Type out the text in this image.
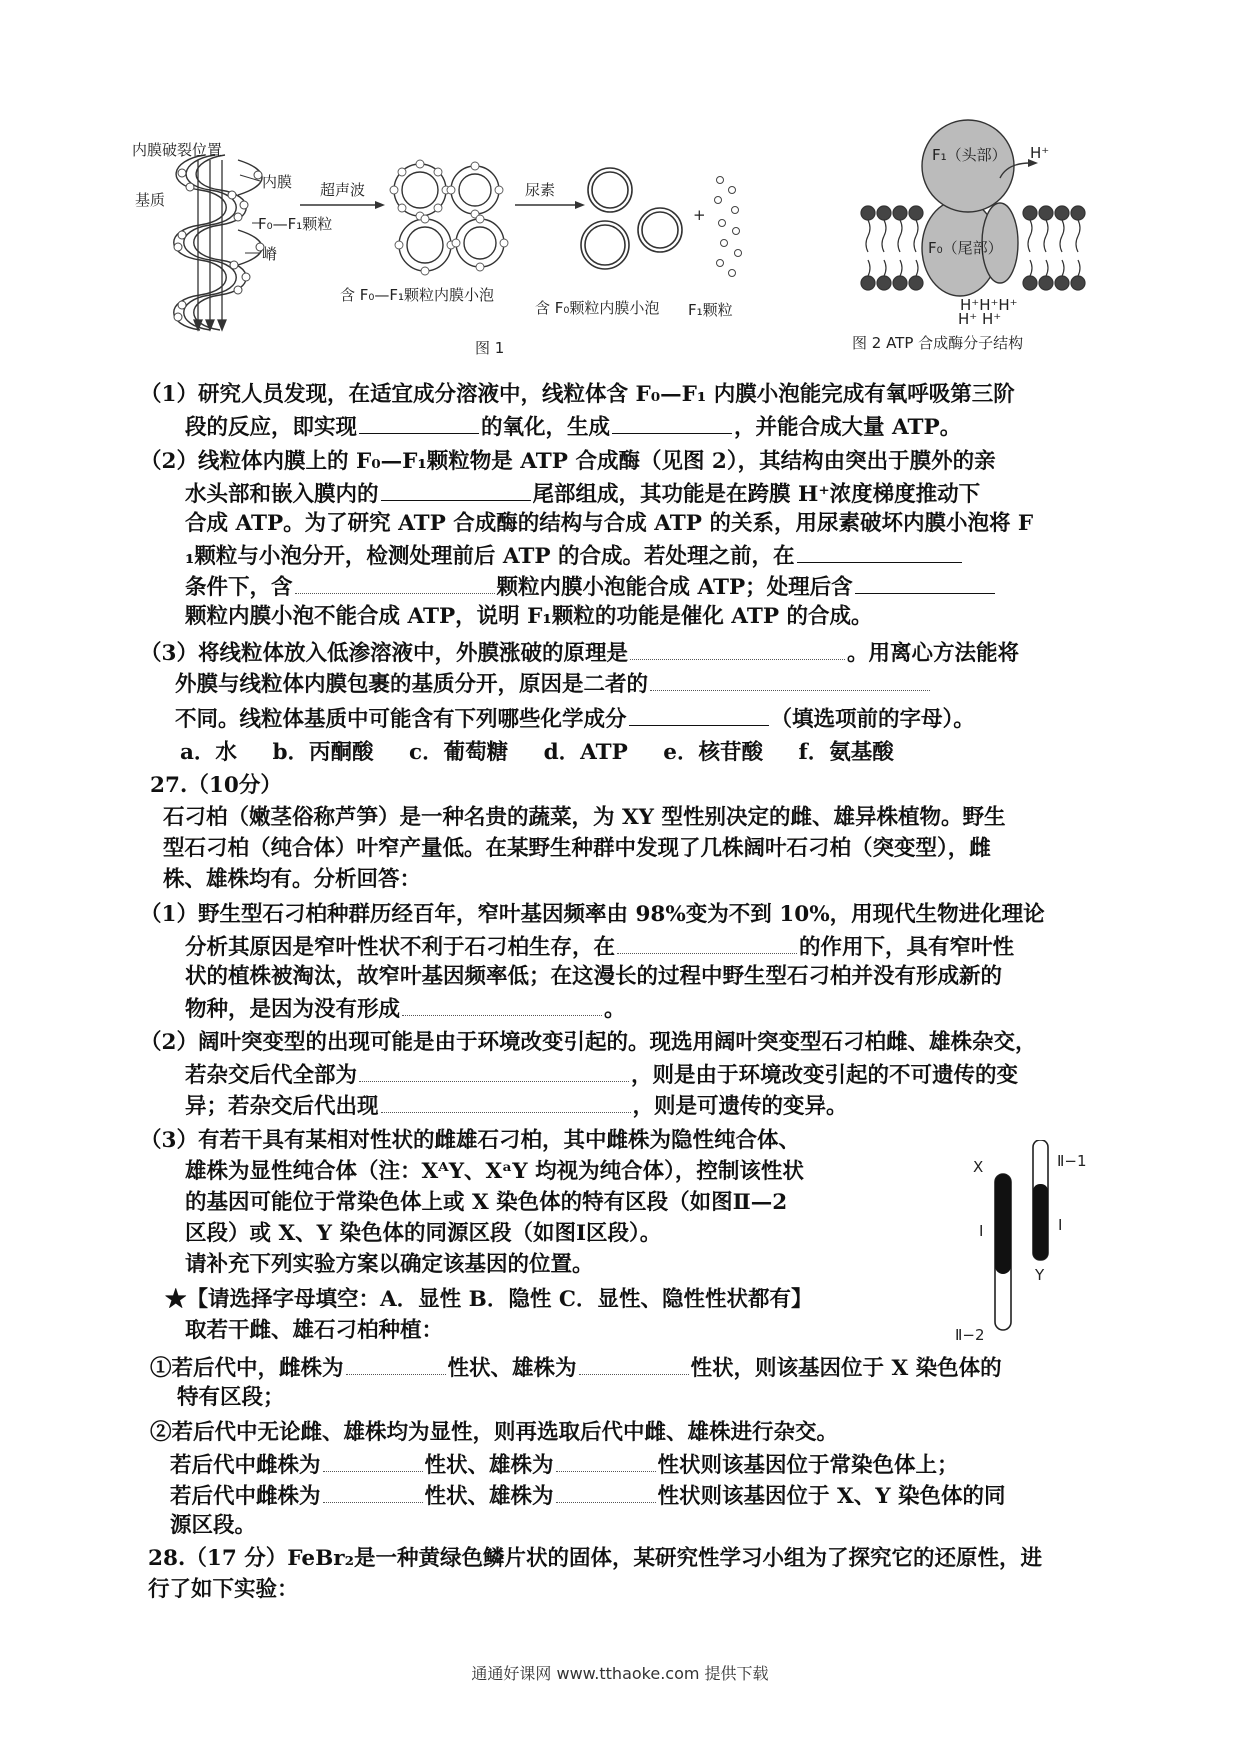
内膜破裂位置
基质
内膜
F₀—F₁颗粒
嵴
超声波
含 F₀—F₁颗粒内膜小泡
尿素
含 F₀颗粒内膜小泡
+
F₁颗粒
图 1
F₁（头部）
F₀（尾部）
H⁺
H⁺H⁺H⁺
H⁺ H⁺
图 2 ATP 合成酶分子结构
（1）研究人员发现，在适宜成分溶液中，线粒体含 F₀—F₁ 内膜小泡能完成有氧呼吸第三阶
段的反应，即实现	的氧化，生成	，并能合成大量 ATP。
（2）线粒体内膜上的 F₀—F₁颗粒物是 ATP 合成酶（见图 2），其结构由突出于膜外的亲
水头部和嵌入膜内的	尾部组成，其功能是在跨膜 H⁺浓度梯度推动下
合成 ATP。为了研究 ATP 合成酶的结构与合成 ATP 的关系，用尿素破坏内膜小泡将 F
₁颗粒与小泡分开，检测处理前后 ATP 的合成。若处理之前，在
条件下，含	颗粒内膜小泡能合成 ATP；处理后含
颗粒内膜小泡不能合成 ATP，说明 F₁颗粒的功能是催化 ATP 的合成。
（3）将线粒体放入低渗溶液中，外膜涨破的原理是	。用离心方法能将
外膜与线粒体内膜包裹的基质分开，原因是二者的
不同。线粒体基质中可能含有下列哪些化学成分	（填选项前的字母）。
a．水 b．丙酮酸 c．葡萄糖 d．ATP e．核苷酸 f．氨基酸
27.（10分）
石刁柏（嫩茎俗称芦笋）是一种名贵的蔬菜，为 XY 型性别决定的雌、雄异株植物。野生
型石刁柏（纯合体）叶窄产量低。在某野生种群中发现了几株阔叶石刁柏（突变型），雌
株、雄株均有。分析回答：
（1）野生型石刁柏种群历经百年，窄叶基因频率由 98%变为不到 10%，用现代生物进化理论
分析其原因是窄叶性状不利于石刁柏生存，在	的作用下，具有窄叶性
状的植株被淘汰，故窄叶基因频率低；在这漫长的过程中野生型石刁柏并没有形成新的
物种，是因为没有形成	。
（2）阔叶突变型的出现可能是由于环境改变引起的。现选用阔叶突变型石刁柏雌、雄株杂交，
若杂交后代全部为	，则是由于环境改变引起的不可遗传的变
异；若杂交后代出现	，则是可遗传的变异。
（3）有若干具有某相对性状的雌雄石刁柏，其中雌株为隐性纯合体、
雄株为显性纯合体（注：XᴬY、XᵃY 均视为纯合体），控制该性状
的基因可能位于常染色体上或 X 染色体的特有区段（如图Ⅱ—2
区段）或 X、Y 染色体的同源区段（如图Ⅰ区段）。
请补充下列实验方案以确定该基因的位置。
★【请选择字母填空：A．显性 B．隐性 C．显性、隐性性状都有】
取若干雌、雄石刁柏种植：
①若后代中，雌株为	性状、雄株为	性状，则该基因位于 X 染色体的
特有区段；
②若后代中无论雌、雄株均为显性，则再选取后代中雌、雄株进行杂交。
若后代中雌株为	性状、雄株为	性状则该基因位于常染色体上；
若后代中雌株为	性状、雄株为	性状则该基因位于 X、Y 染色体的同
源区段。
X
Y
Ⅱ−1
Ⅱ−2
Ⅰ	Ⅰ
28.（17 分）FeBr₂是一种黄绿色鳞片状的固体，某研究性学习小组为了探究它的还原性，进
行了如下实验：
通通好课网 www.tthaoke.com 提供下载
